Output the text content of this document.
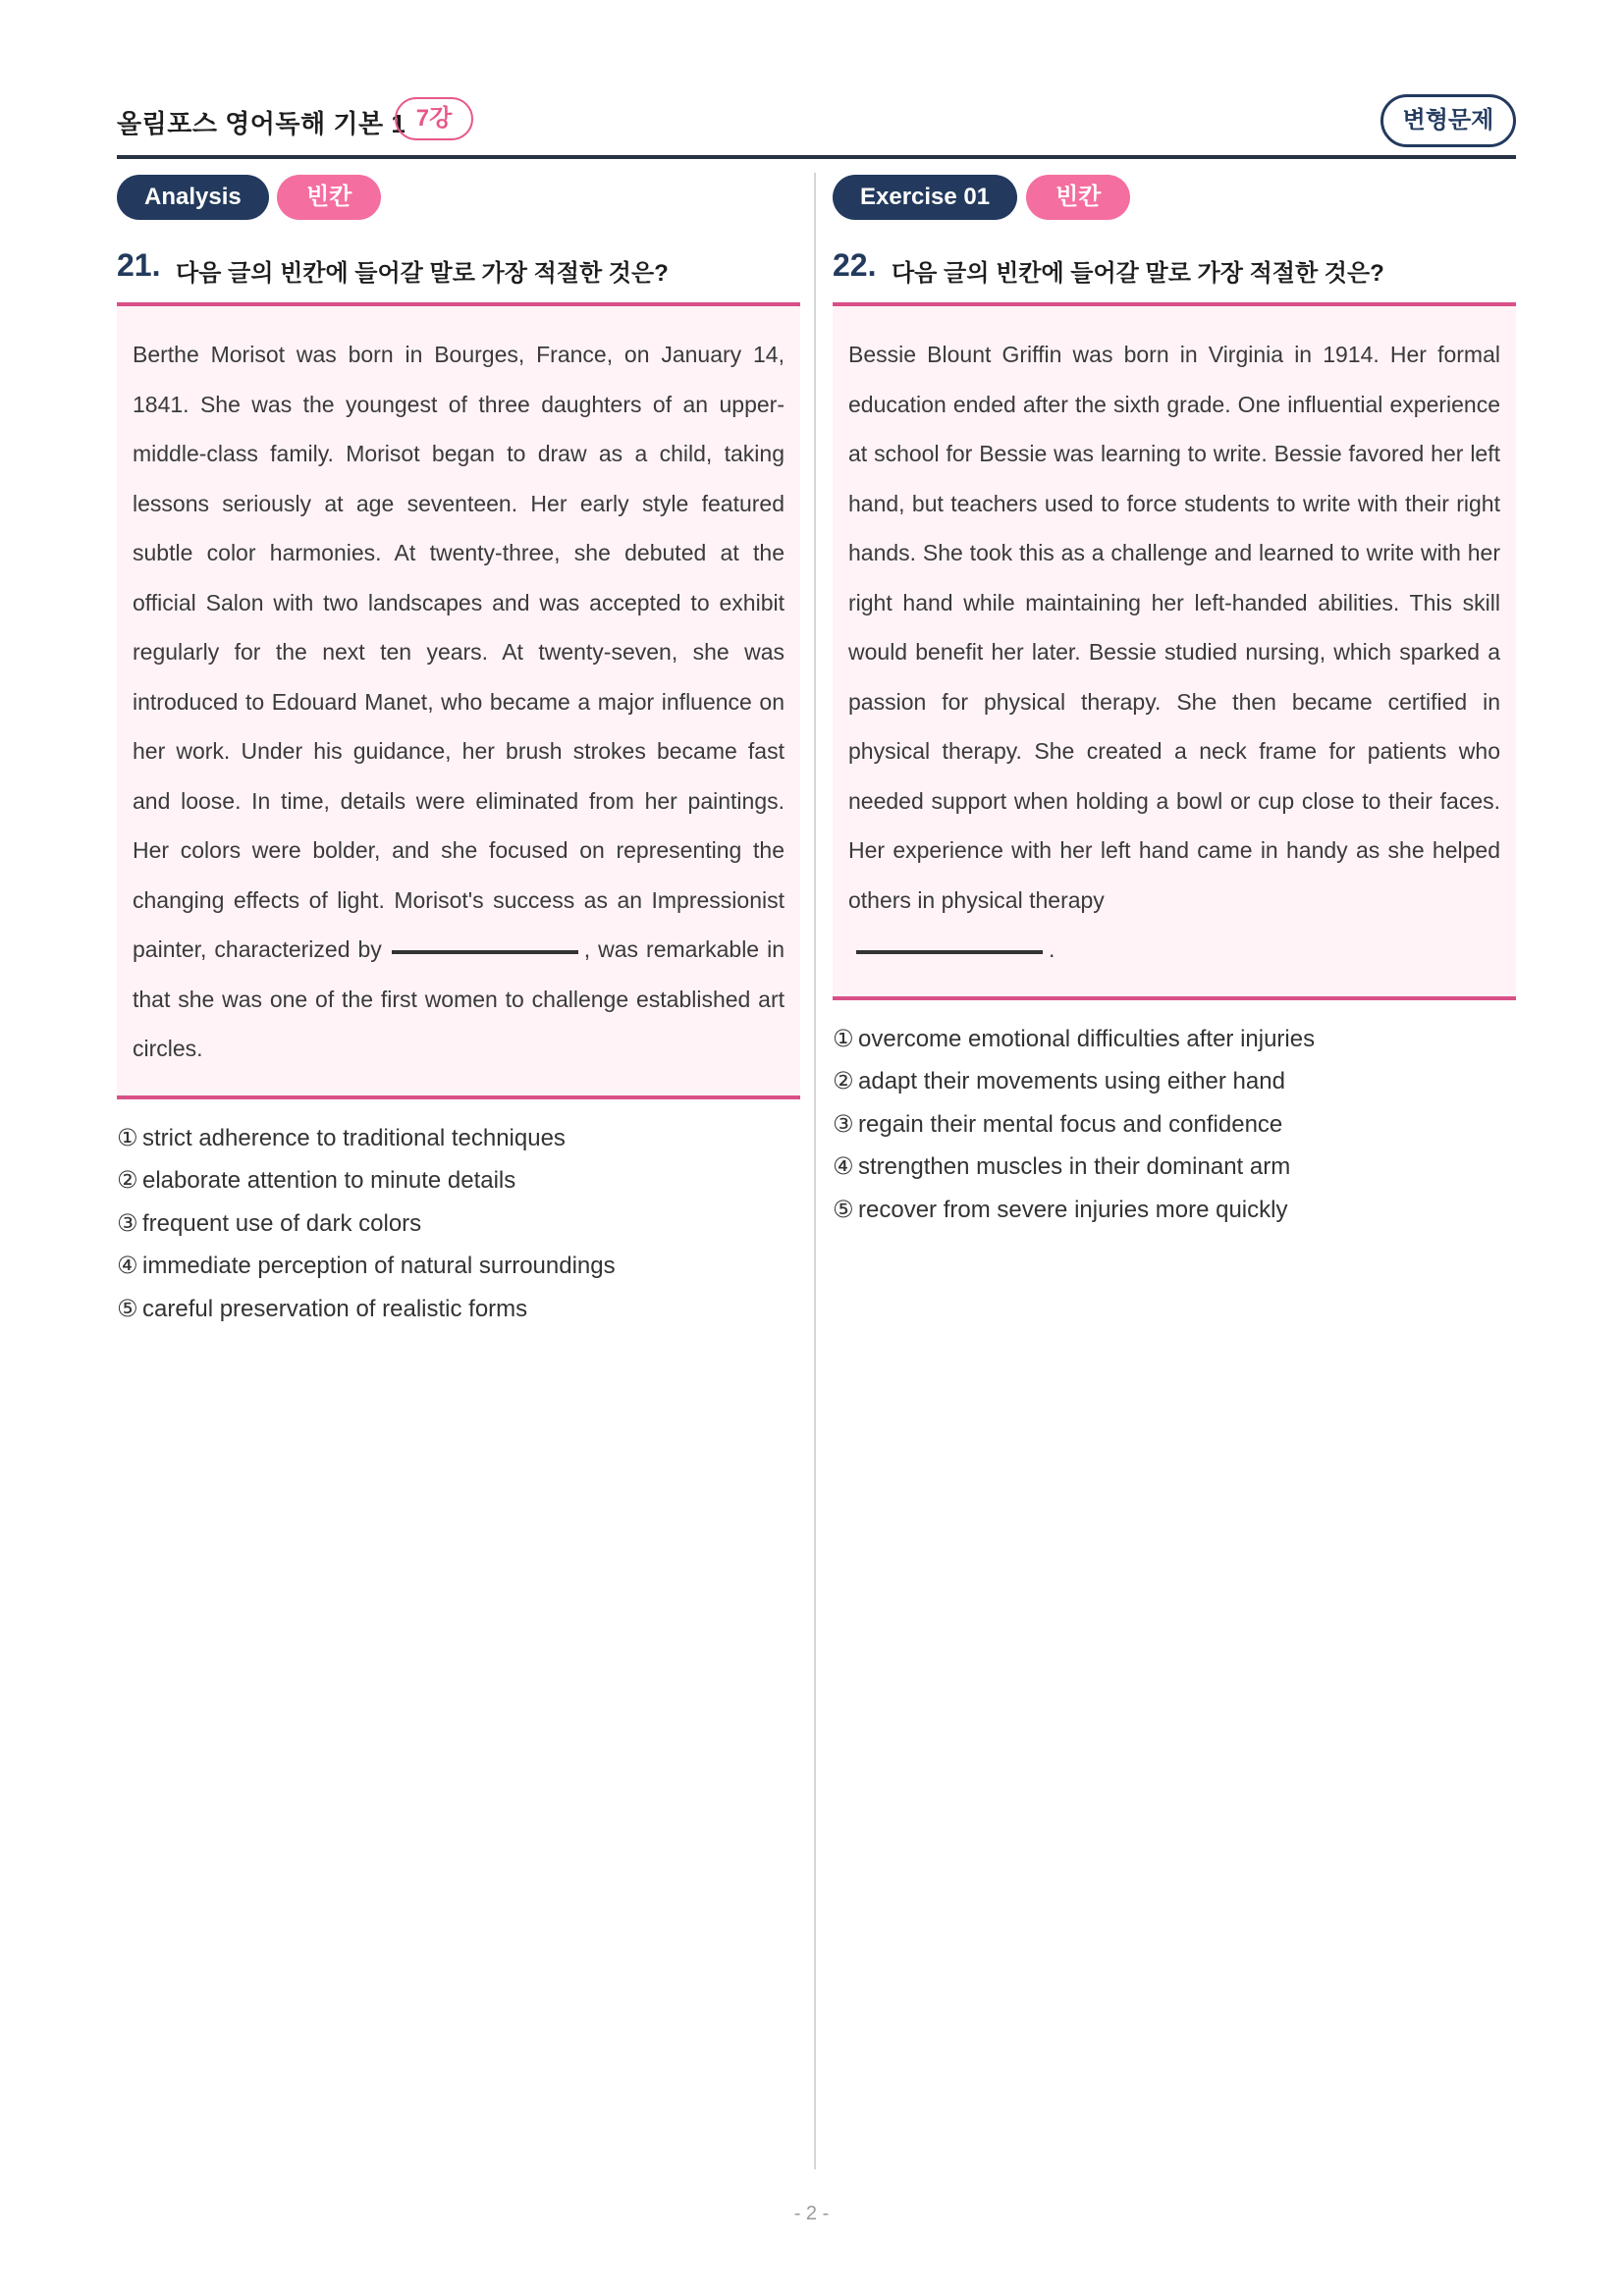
올림포스 영어독해 기본 1 7강	변형문제
Analysis	빈칸
21. 다음 글의 빈칸에 들어갈 말로 가장 적절한 것은?
Berthe Morisot was born in Bourges, France, on January 14, 1841. She was the youngest of three daughters of an upper-middle-class family. Morisot began to draw as a child, taking lessons seriously at age seventeen. Her early style featured subtle color harmonies. At twenty-three, she debuted at the official Salon with two landscapes and was accepted to exhibit regularly for the next ten years. At twenty-seven, she was introduced to Edouard Manet, who became a major influence on her work. Under his guidance, her brush strokes became fast and loose. In time, details were eliminated from her paintings. Her colors were bolder, and she focused on representing the changing effects of light. Morisot's success as an Impressionist painter, characterized by	, was remarkable in that she was one of the first women to challenge established art circles.
① strict adherence to traditional techniques
② elaborate attention to minute details
③ frequent use of dark colors
④ immediate perception of natural surroundings
⑤ careful preservation of realistic forms
Exercise 01	빈칸
22. 다음 글의 빈칸에 들어갈 말로 가장 적절한 것은?
Bessie Blount Griffin was born in Virginia in 1914. Her formal education ended after the sixth grade. One influential experience at school for Bessie was learning to write. Bessie favored her left hand, but teachers used to force students to write with their right hands. She took this as a challenge and learned to write with her right hand while maintaining her left-handed abilities. This skill would benefit her later. Bessie studied nursing, which sparked a passion for physical therapy. She then became certified in physical therapy. She created a neck frame for patients who needed support when holding a bowl or cup close to their faces. Her experience with her left hand came in handy as she helped others in physical therapy
.
① overcome emotional difficulties after injuries
② adapt their movements using either hand
③ regain their mental focus and confidence
④ strengthen muscles in their dominant arm
⑤ recover from severe injuries more quickly
- 2 -
